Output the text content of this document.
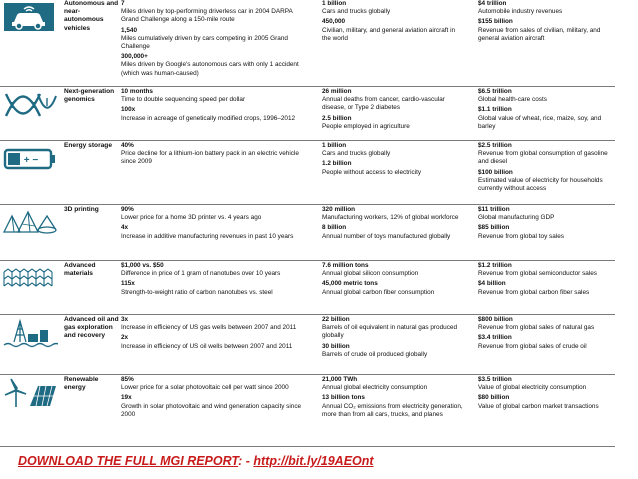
Autonomous and near-autonomous vehicles
7
Miles driven by top-performing driverless car in 2004 DARPA Grand Challenge along a 150-mile route
1,540
Miles cumulatively driven by cars competing in 2005 Grand Challenge
300,000+
Miles driven by Google's autonomous cars with only 1 accident (which was human-caused)
1 billion
Cars and trucks globally
450,000
Civilian, military, and general aviation aircraft in the world
$4 trillion
Automobile industry revenues
$155 billion
Revenue from sales of civilian, military, and general aviation aircraft
Next-generation genomics
10 months
Time to double sequencing speed per dollar
100x
Increase in acreage of genetically modified crops, 1996–2012
26 million
Annual deaths from cancer, cardio-vascular disease, or Type 2 diabetes
2.5 billion
People employed in agriculture
$6.5 trillion
Global health-care costs
$1.1 trillion
Global value of wheat, rice, maize, soy, and barley
+ −
Energy storage	40%
Price decline for a lithium-ion battery pack in an electric vehicle since 2009
1 billion
Cars and trucks globally
1.2 billion
People without access to electricity
$2.5 trillion
Revenue from global consumption of gasoline and diesel
$100 billion
Estimated value of electricity for households currently without access
3D printing	90%
Lower price for a home 3D printer vs. 4 years ago
4x
Increase in additive manufacturing revenues in past 10 years
320 million
Manufacturing workers, 12% of global workforce
8 billion
Annual number of toys manufactured globally
$11 trillion
Global manufacturing GDP
$85 billion
Revenue from global toy sales
Advanced materials
$1,000 vs. $50
Difference in price of 1 gram of nanotubes over 10 years
115x
Strength-to-weight ratio of carbon nanotubes vs. steel
7.6 million tons
Annual global silicon consumption
45,000 metric tons
Annual global carbon fiber consumption
$1.2 trillion
Revenue from global semiconductor sales
$4 billion
Revenue from global carbon fiber sales
Advanced oil and gas exploration and recovery
3x
Increase in efficiency of US gas wells between 2007 and 2011
2x
Increase in efficiency of US oil wells between 2007 and 2011
22 billion
Barrels of oil equivalent in natural gas produced globally
30 billion
Barrels of crude oil produced globally
$800 billion
Revenue from global sales of natural gas
$3.4 trillion
Revenue from global sales of crude oil
Renewable energy
85%
Lower price for a solar photovoltaic cell per watt since 2000
19x
Growth in solar photovoltaic and wind generation capacity since 2000
21,000 TWh
Annual global electricity consumption
13 billion tons
Annual CO₂ emissions from electricity generation, more than from all cars, trucks, and planes
$3.5 trillion
Value of global electricity consumption
$80 billion
Value of global carbon market transactions
DOWNLOAD THE FULL MGI REPORT: - http://bit.ly/19AEOnt
